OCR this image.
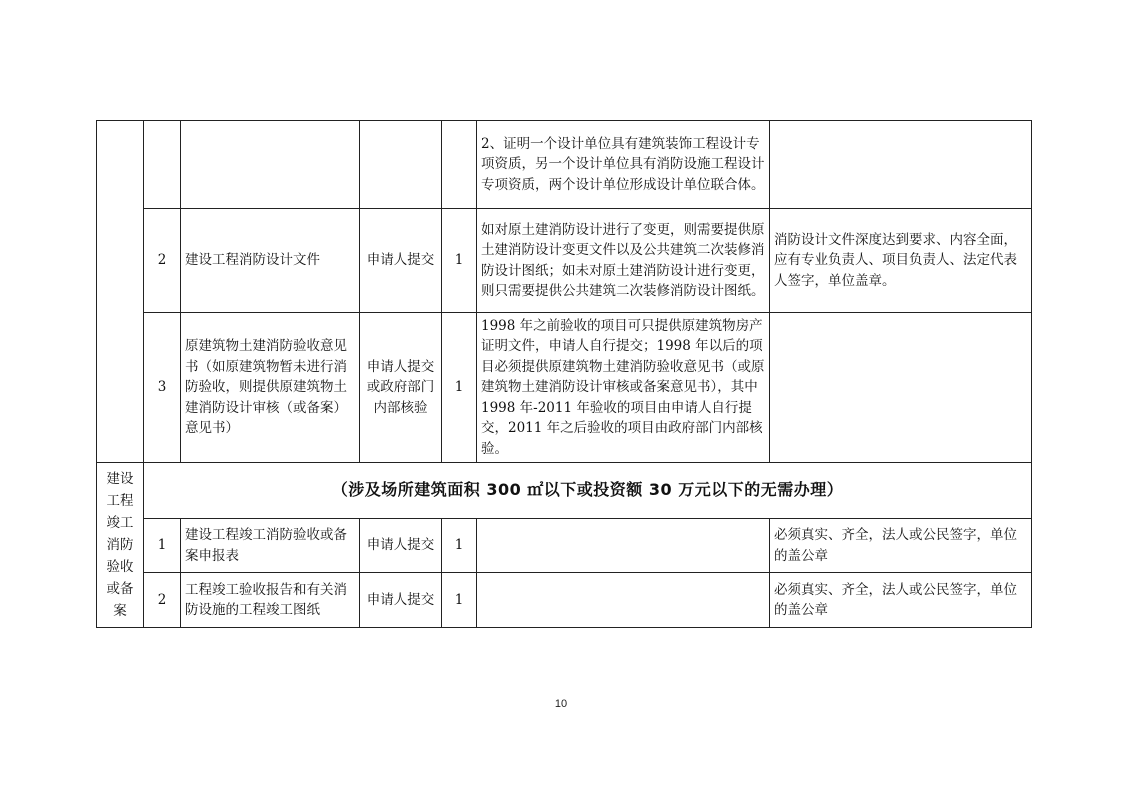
					2、证明一个设计单位具有建筑装饰工程设计专项资质，另一个设计单位具有消防设施工程设计专项资质，两个设计单位形成设计单位联合体。	
	2	建设工程消防设计文件	申请人提交	1	如对原土建消防设计进行了变更，则需要提供原土建消防设计变更文件以及公共建筑二次装修消防设计图纸；如未对原土建消防设计进行变更，则只需要提供公共建筑二次装修消防设计图纸。	消防设计文件深度达到要求、内容全面，应有专业负责人、项目负责人、法定代表人签字，单位盖章。
	3	原建筑物土建消防验收意见书（如原建筑物暂未进行消防验收，则提供原建筑物土建消防设计审核（或备案）意见书）	申请人提交或政府部门内部核验	1	1998 年之前验收的项目可只提供原建筑物房产证明文件，申请人自行提交；1998 年以后的项目必须提供原建筑物土建消防验收意见书（或原建筑物土建消防设计审核或备案意见书），其中 1998 年-2011 年验收的项目由申请人自行提交，2011 年之后验收的项目由政府部门内部核验。	
建设工程竣工消防验收或备案	（涉及场所建筑面积 300 ㎡以下或投资额 30 万元以下的无需办理）					
	1	建设工程竣工消防验收或备案申报表	申请人提交	1		必须真实、齐全，法人或公民签字，单位的盖公章
	2	工程竣工验收报告和有关消防设施的工程竣工图纸	申请人提交	1		必须真实、齐全，法人或公民签字，单位的盖公章
10
